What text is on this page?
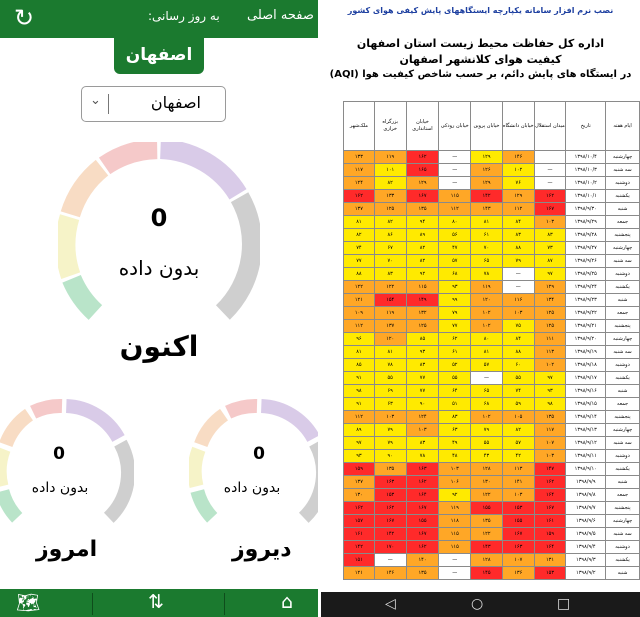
↻	به روز رسانی: صفحه اصلی
اصفهان
اصفهان
⌄
0
بدون داده
اکنون
0
بدون داده
امروز
0
بدون داده
دیروز
🗺	⇅	⌂
نصب نرم افزار سامانه یکپارچه ایستگاههای پایش کیفی هوای کشور
اداره کل حفاظت محیط زیست استان اصفهان
کیفیت هوای کلانشهر اصفهان
در ایستگاه های پایش دائم، بر حسب شاخص کیفیت هوا (AQI)
ملک‌شهر	بزرگراه خرازی	خیابان استانداری	خیابان رودکی	خیابان پروین	خیابان دانشگاه	میدان استقلال	تاریخ	ایام هفته
۱۳۳	۱۱۹	۱۶۲	—	۱۲۹	۱۴۶		۱۳۹۸/۱۰/۴	چهارشنبه
۱۱۷	۱۰۱	۱۶۵	—	۱۲۶	۱۰۲	—	۱۳۹۸/۱۰/۳	سه شنبه
۱۲۴	۸۲	۱۲۹	—	۱۲۹	۷۶	—	۱۳۹۸/۱۰/۲	دوشنبه
۱۶۲	۱۳۳	۱۶۷	۱۱۵	۱۴۲	۱۲۹	۱۶۲	۱۳۹۸/۱۰/۱	یکشنبه
۱۳۷	۱۲۵	۱۳۵	۱۱۲	۱۴۳	۱۱۲	۱۶۷	۱۳۹۸/۹/۳۰	شنبه
۸۱	۸۲	۹۴	۸۰	۸۱	۸۴	۱۰۳	۱۳۹۸/۹/۲۹	جمعه
۸۲	۸۶	۸۹	۵۶	۶۱	۸۳	۸۳	۱۳۹۸/۹/۲۸	پنجشنبه
۷۴	۶۷	۸۲	۴۷	۷۰	۸۸	۷۳	۱۳۹۸/۹/۲۷	چهارشنبه
۷۷	۷۰	۸۲	۵۷	۶۵	۷۹	۸۷	۱۳۹۸/۹/۲۶	سه شنبه
۸۸	۸۳	۹۲	۶۸	۷۸	—	۹۷	۱۳۹۸/۹/۲۵	دوشنبه
۱۲۲	۱۲۲	۱۱۵	۹۳	۱۱۹	—	۱۲۹	۱۳۹۸/۹/۲۴	یکشنبه
۱۲۱	۱۵۴	۱۴۹	۹۹	۱۲۰	۱۱۶	۱۳۴	۱۳۹۸/۹/۲۳	شنبه
۱۰۹	۱۱۹	۱۳۲	۷۹	۱۰۲	۱۰۳	۱۲۵	۱۳۹۸/۹/۲۲	جمعه
۱۱۲	۱۳۷	۱۲۵	۷۷	۱۰۲	۷۵	۱۲۵	۱۳۹۸/۹/۲۱	پنجشنبه
۹۶	۱۲۰	۸۵	۶۲	۸۰	۸۴	۱۱۱	۱۳۹۸/۹/۲۰	چهارشنبه
۸۱	۸۱	۹۳	۶۱	۸۱	۸۸	۱۱۳	۱۳۹۸/۹/۱۹	سه شنبه
۸۵	۷۸	۸۳	۵۲	۵۷	۶۰	۱۰۲	۱۳۹۸/۹/۱۸	دوشنبه
۹۱	۵۵	۷۷	۵۵	—	۵۵	۹۷	۱۳۹۸/۹/۱۷	یکشنبه
۹۸	۶۹	۷۷	۶۴	۶۵	۷۴	۹۳	۱۳۹۸/۹/۱۶	شنبه
۹۱	۶۳	۹۰	۵۱	۶۸	۵۹	۹۸	۱۳۹۸/۹/۱۵	جمعه
۱۱۲	۱۰۳	۱۲۴	۸۳	۱۰۲	۱۰۵	۱۳۵	۱۳۹۸/۹/۱۴	پنجشنبه
۸۹	۷۹	۱۰۳	۶۳	۷۹	۸۲	۱۱۷	۱۳۹۸/۹/۱۳	چهارشنبه
۹۷	۷۹	۸۳	۴۹	۵۵	۵۷	۱۰۷	۱۳۹۸/۹/۱۲	سه شنبه
۹۳	۹۰	۷۸	۴۸	۴۳	۴۲	۱۰۳	۱۳۹۸/۹/۱۱	دوشنبه
۱۵۹	۱۳۵	۱۶۳	۱۰۳	۱۲۸	۱۱۳	۱۴۷	۱۳۹۸/۹/۱۰	یکشنبه
۱۳۷	۱۶۳	۱۶۲	۱۰۶	۱۳۰	۱۴۱	۱۶۲	۱۳۹۸/۹/۹	شنبه
۱۳۰	۱۵۳	۱۶۴	۹۲	۱۲۲	۱۰۳	۱۶۴	۱۳۹۸/۹/۸	جمعه
۱۶۲	۱۶۲	۱۶۷	۱۱۹	۱۵۵	۱۵۳	۱۶۷	۱۳۹۸/۹/۷	پنجشنبه
۱۵۷	۱۶۷	۱۵۵	۱۱۸	۱۳۵	۱۵۵	۱۶۱	۱۳۹۸/۹/۶	چهارشنبه
۱۶۱	۱۴۲	۱۶۷	۱۱۵	۱۲۲	۱۶۷	۱۵۹	۱۳۹۸/۹/۵	سه شنبه
۱۴۲	۱۷۰	۱۶۲	۱۱۵	۱۴۳	۱۶۳	۱۶۴	۱۳۹۸/۹/۴	دوشنبه
۱۵۱	—	۱۴۰	—	۱۲۸	۱۰۷	۱۳۱	۱۳۹۸/۹/۳	یکشنبه
۱۲۱	۱۴۶	۱۳۵	—	۱۴۵	۱۳۶	۱۵۳	۱۳۹۸/۹/۲	شنبه
◁	○	□
